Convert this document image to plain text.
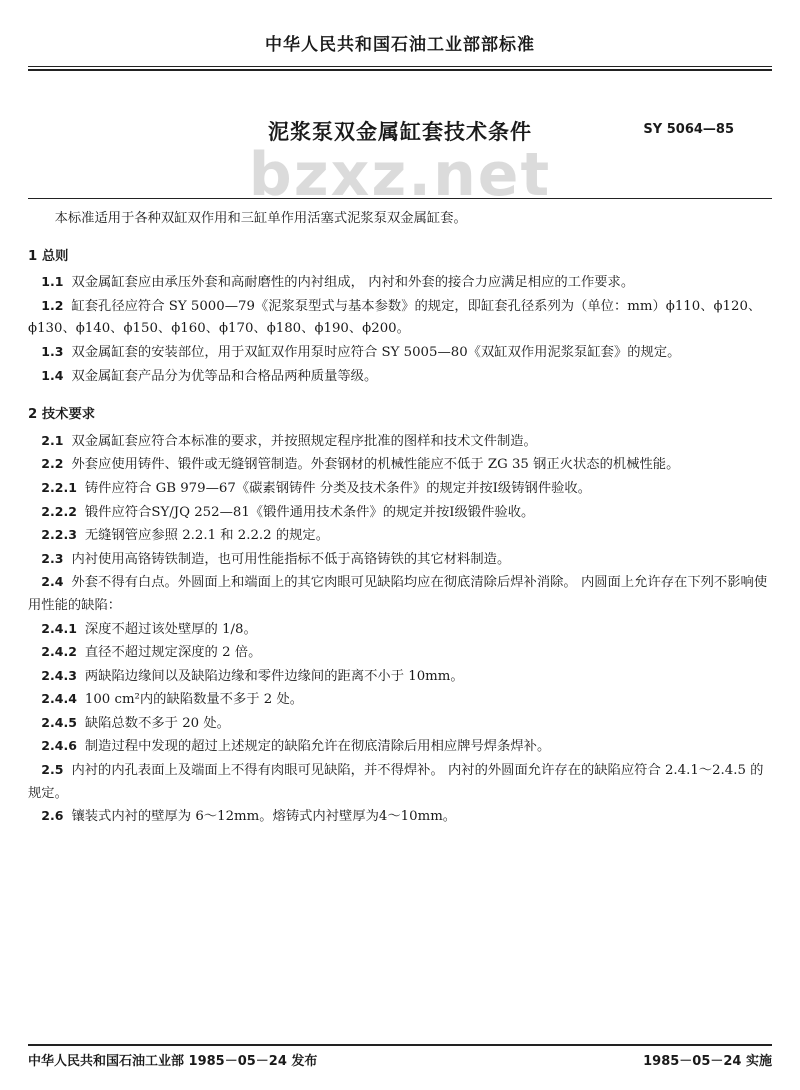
中华人民共和国石油工业部部标准
泥浆泵双金属缸套技术条件	SY 5064—85
bzxz.net

本标准适用于各种双缸双作用和三缸单作用活塞式泥浆泵双金属缸套。

1 总则

1.1 双金属缸套应由承压外套和高耐磨性的内衬组成， 内衬和外套的接合力应满足相应的工作要求。

1.2 缸套孔径应符合 SY 5000—79《泥浆泵型式与基本参数》的规定，即缸套孔径系列为（单位：mm）ϕ110、ϕ120、ϕ130、ϕ140、ϕ150、ϕ160、ϕ170、ϕ180、ϕ190、ϕ200。

1.3 双金属缸套的安装部位，用于双缸双作用泵时应符合 SY 5005—80《双缸双作用泥浆泵缸套》的规定。

1.4 双金属缸套产品分为优等品和合格品两种质量等级。

2 技术要求

2.1 双金属缸套应符合本标准的要求，并按照规定程序批准的图样和技术文件制造。

2.2 外套应使用铸件、锻件或无缝钢管制造。外套钢材的机械性能应不低于 ZG 35 钢正火状态的机械性能。

2.2.1 铸件应符合 GB 979—67《碳素钢铸件 分类及技术条件》的规定并按Ⅰ级铸钢件验收。

2.2.2 锻件应符合SY/JQ 252—81《锻件通用技术条件》的规定并按Ⅰ级锻件验收。

2.2.3 无缝钢管应参照 2.2.1 和 2.2.2 的规定。

2.3 内衬使用高铬铸铁制造，也可用性能指标不低于高铬铸铁的其它材料制造。

2.4 外套不得有白点。外圆面上和端面上的其它肉眼可见缺陷均应在彻底清除后焊补消除。 内圆面上允许存在下列不影响使用性能的缺陷：

2.4.1 深度不超过该处壁厚的 1/8。

2.4.2 直径不超过规定深度的 2 倍。

2.4.3 两缺陷边缘间以及缺陷边缘和零件边缘间的距离不小于 10mm。

2.4.4 100 cm²内的缺陷数量不多于 2 处。

2.4.5 缺陷总数不多于 20 处。

2.4.6 制造过程中发现的超过上述规定的缺陷允许在彻底清除后用相应牌号焊条焊补。

2.5 内衬的内孔表面上及端面上不得有肉眼可见缺陷，并不得焊补。 内衬的外圆面允许存在的缺陷应符合 2.4.1～2.4.5 的规定。

2.6 镶装式内衬的壁厚为 6～12mm。熔铸式内衬壁厚为4～10mm。

中华人民共和国石油工业部 1985－05－24 发布	1985－05－24 实施
